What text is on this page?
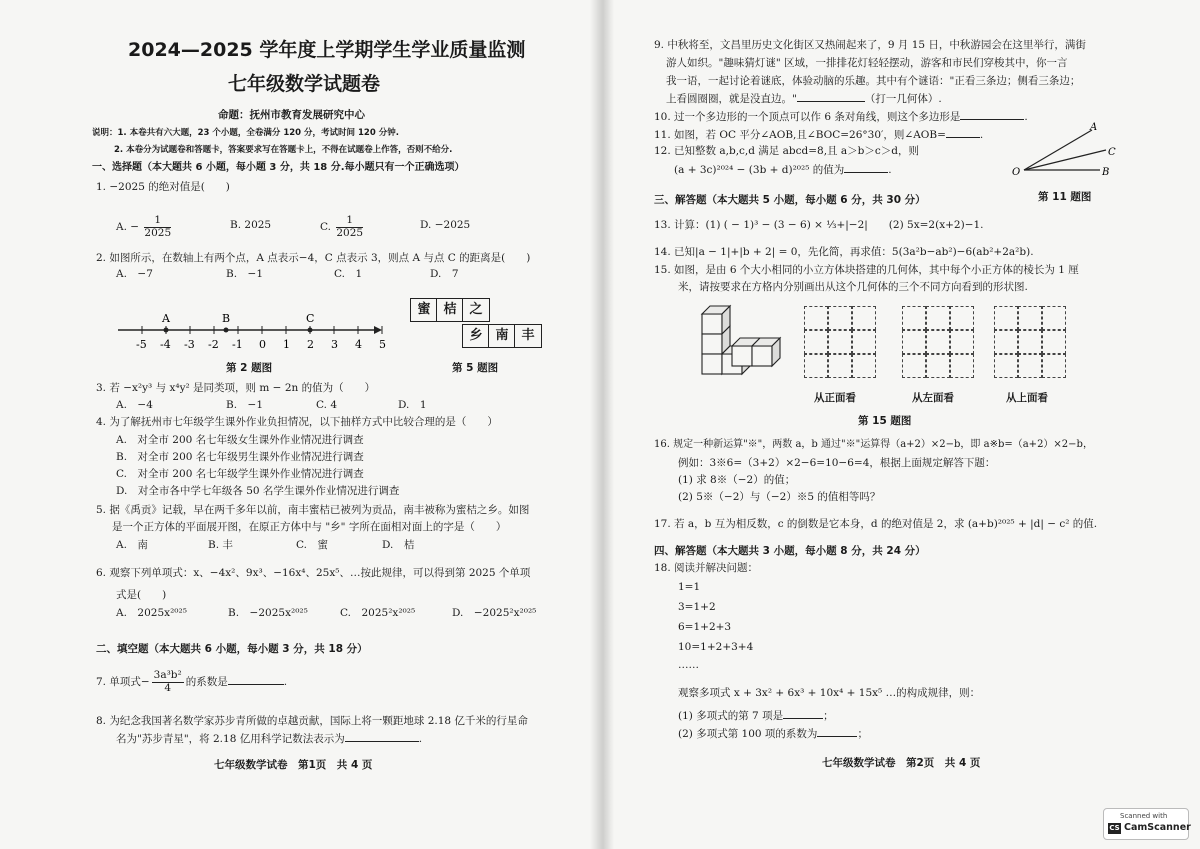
2024—2025 学年度上学期学生学业质量监测
七年级数学试题卷
命题：抚州市教育发展研究中心
说明：1. 本卷共有六大题，23 个小题，全卷满分 120 分，考试时间 120 分钟.
2. 本卷分为试题卷和答题卡，答案要求写在答题卡上，不得在试题卷上作答，否则不给分.
一、选择题（本大题共 6 小题，每小题 3 分，共 18 分.每小题只有一个正确选项）
1. −2025 的绝对值是(　　)
A. − $\frac{1}{2025}$	B. 2025	C. $\frac{1}{2025}$	D. −2025
2. 如图所示，在数轴上有两个点，A 点表示−4，C 点表示 3，则点 A 与点 C 的距离是(　　)
A.　−7	B.　−1	C.　1	D.　7
-5 -4 -3 -2 -1 0 1 2 3 4 5
A	B	C
蜜 桔 之
乡 南 丰
第 2 题图	第 5 题图
3. 若 −x²y³ 与 x⁴y² 是同类项，则 m − 2n 的值为（　　）
A.　−4	B.　−1	C. 4	D.　1
4. 为了解抚州市七年级学生课外作业负担情况，以下抽样方式中比较合理的是（　　）
A.　对全市 200 名七年级女生课外作业情况进行调查
B.　对全市 200 名七年级男生课外作业情况进行调查
C.　对全市 200 名七年级学生课外作业情况进行调查
D.　对全市各中学七年级各 50 名学生课外作业情况进行调查
5. 据《禹贡》记载，早在两千多年以前，南丰蜜桔已被列为贡品，南丰被称为蜜桔之乡。如图
是一个正方体的平面展开图，在原正方体中与 "乡" 字所在面相对面上的字是（　　）
A.　南	B. 丰	C.　蜜	D.　桔
6. 观察下列单项式：x、−4x²、9x³、−16x⁴、25x⁵、…按此规律，可以得到第 2025 个单项
式是(　　)
A.　2025x²⁰²⁵	B.　−2025x²⁰²⁵	C.　2025²x²⁰²⁵	D.　−2025²x²⁰²⁵
二、填空题（本大题共 6 小题，每小题 3 分，共 18 分）
7. 单项式− $\frac{\text{3a³b²}}{4}$ 的系数是	.
8. 为纪念我国著名数学家苏步青所做的卓越贡献，国际上将一颗距地球 2.18 亿千米的行星命
名为"苏步青星"，将 2.18 亿用科学记数法表示为	.
七年级数学试卷　第1页　共 4 页
9. 中秋将至，文昌里历史文化街区又热闹起来了，9 月 15 日，中秋游园会在这里举行，满街
游人如织。"趣味猜灯谜" 区域，一排排花灯轻轻摆动，游客和市民们穿梭其中，你一言
我一语，一起讨论着谜底，体验动脑的乐趣。其中有个谜语："正看三条边；侧看三条边；
上看圆圈圈，就是没直边。"	（打一几何体）.
10. 过一个多边形的一个顶点可以作 6 条对角线，则这个多边形是	.
11. 如图，若 OC 平分∠AOB,且∠BOC=26°30′，则∠AOB=	.
12. 已知整数 a,b,c,d 满足 abcd=8,且 a＞b＞c＞d，则
(a + 3c)²⁰²⁴ − (3b + d)²⁰²⁵ 的值为	.
A
C
O	B
第 11 题图
三、解答题（本大题共 5 小题，每小题 6 分，共 30 分）
13. 计算：(1) ( − 1)³ − (3 − 6) × ⅓+|−2|　　(2) 5x=2(x+2)−1.
14. 已知|a − 1|+|b + 2| = 0，先化简，再求值：5(3a²b−ab²)−6(ab²+2a²b).
15. 如图，是由 6 个大小相同的小立方体块搭建的几何体，其中每个小正方体的棱长为 1 厘
米，请按要求在方格内分别画出从这个几何体的三个不同方向看到的形状图.
从正面看	从左面看	从上面看
第 15 题图
16. 规定一种新运算"※"，两数 a，b 通过"※"运算得（a+2）×2−b，即 a※b=（a+2）×2−b，
例如：3※6=（3+2）×2−6=10−6=4，根据上面规定解答下题：
(1) 求 8※（−2）的值；
(2) 5※（−2）与（−2）※5 的值相等吗？
17. 若 a，b 互为相反数，c 的倒数是它本身，d 的绝对值是 2，求 (a+b)²⁰²⁵ + |d| − c² 的值.
四、解答题（本大题共 3 小题，每小题 8 分，共 24 分）
18. 阅读并解决问题：
1=1
3=1+2
6=1+2+3
10=1+2+3+4
……
观察多项式 x + 3x² + 6x³ + 10x⁴ + 15x⁵ …的构成规律，则：
(1) 多项式的第 7 项是	；
(2) 多项式第 100 项的系数为	；
七年级数学试卷　第2页　共 4 页
Scanned with
CS CamScanner
